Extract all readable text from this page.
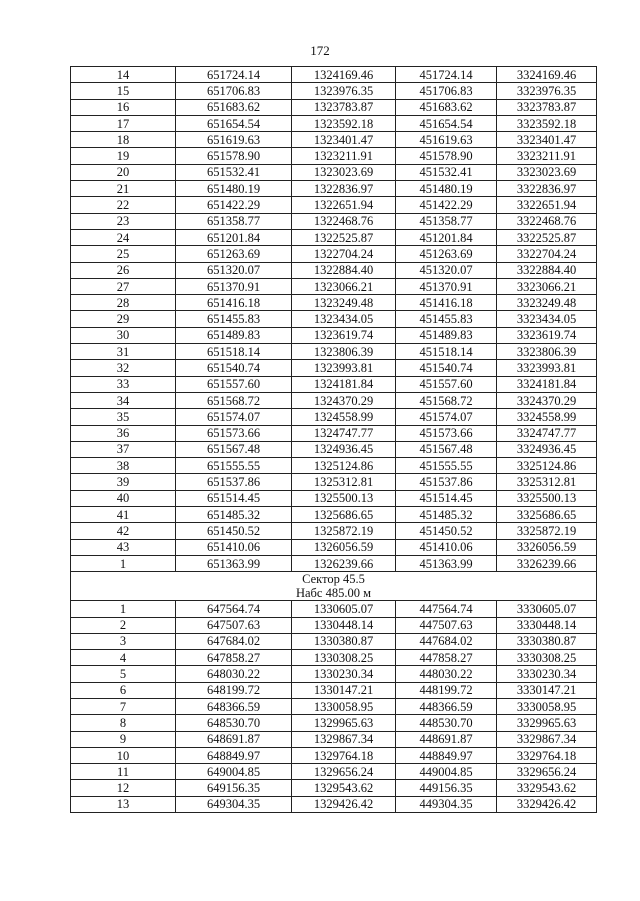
172
14	651724.14	1324169.46	451724.14	3324169.46
15	651706.83	1323976.35	451706.83	3323976.35
16	651683.62	1323783.87	451683.62	3323783.87
17	651654.54	1323592.18	451654.54	3323592.18
18	651619.63	1323401.47	451619.63	3323401.47
19	651578.90	1323211.91	451578.90	3323211.91
20	651532.41	1323023.69	451532.41	3323023.69
21	651480.19	1322836.97	451480.19	3322836.97
22	651422.29	1322651.94	451422.29	3322651.94
23	651358.77	1322468.76	451358.77	3322468.76
24	651201.84	1322525.87	451201.84	3322525.87
25	651263.69	1322704.24	451263.69	3322704.24
26	651320.07	1322884.40	451320.07	3322884.40
27	651370.91	1323066.21	451370.91	3323066.21
28	651416.18	1323249.48	451416.18	3323249.48
29	651455.83	1323434.05	451455.83	3323434.05
30	651489.83	1323619.74	451489.83	3323619.74
31	651518.14	1323806.39	451518.14	3323806.39
32	651540.74	1323993.81	451540.74	3323993.81
33	651557.60	1324181.84	451557.60	3324181.84
34	651568.72	1324370.29	451568.72	3324370.29
35	651574.07	1324558.99	451574.07	3324558.99
36	651573.66	1324747.77	451573.66	3324747.77
37	651567.48	1324936.45	451567.48	3324936.45
38	651555.55	1325124.86	451555.55	3325124.86
39	651537.86	1325312.81	451537.86	3325312.81
40	651514.45	1325500.13	451514.45	3325500.13
41	651485.32	1325686.65	451485.32	3325686.65
42	651450.52	1325872.19	451450.52	3325872.19
43	651410.06	1326056.59	451410.06	3326056.59
1	651363.99	1326239.66	451363.99	3326239.66

Сектор 45.5
Набс 485.00 м				

1	647564.74	1330605.07	447564.74	3330605.07
2	647507.63	1330448.14	447507.63	3330448.14
3	647684.02	1330380.87	447684.02	3330380.87
4	647858.27	1330308.25	447858.27	3330308.25
5	648030.22	1330230.34	448030.22	3330230.34
6	648199.72	1330147.21	448199.72	3330147.21
7	648366.59	1330058.95	448366.59	3330058.95
8	648530.70	1329965.63	448530.70	3329965.63
9	648691.87	1329867.34	448691.87	3329867.34
10	648849.97	1329764.18	448849.97	3329764.18
11	649004.85	1329656.24	449004.85	3329656.24
12	649156.35	1329543.62	449156.35	3329543.62
13	649304.35	1329426.42	449304.35	3329426.42
